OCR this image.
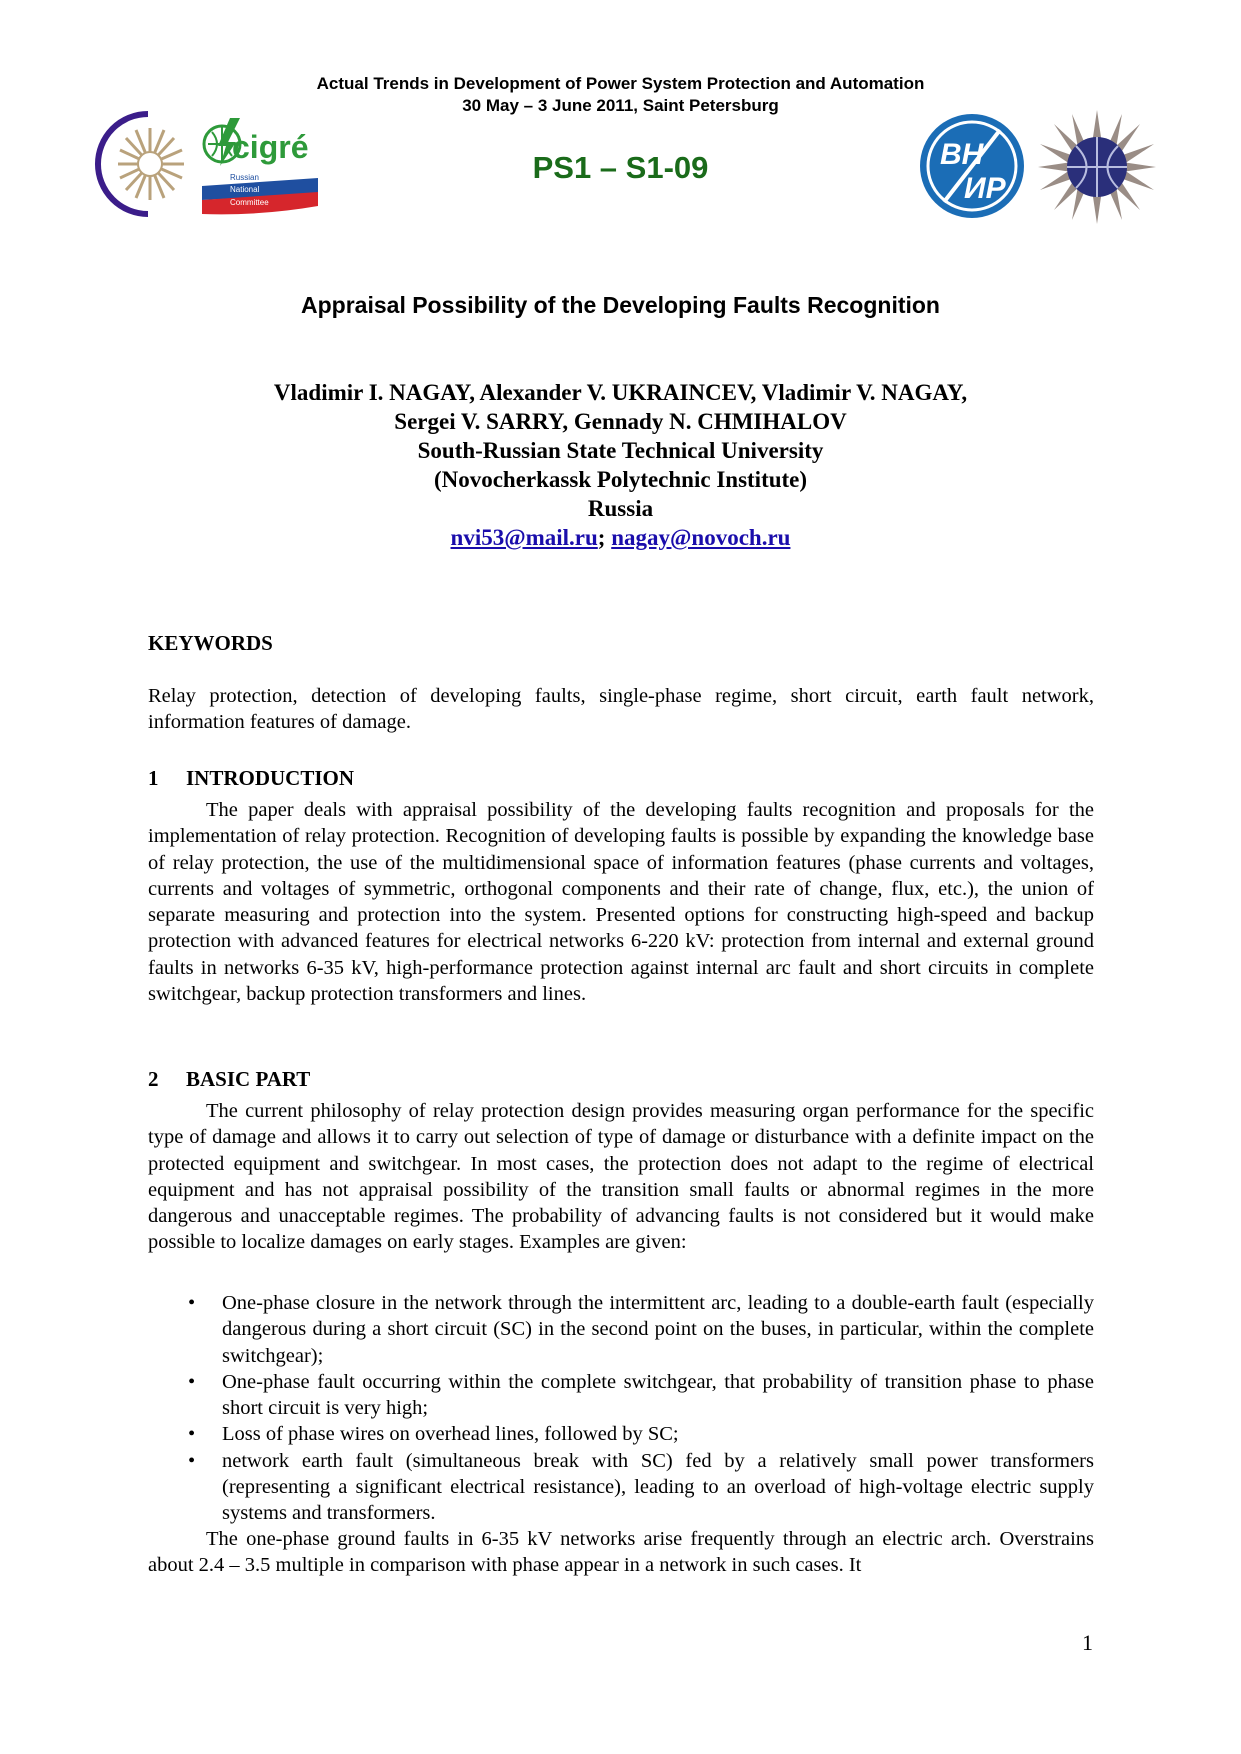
Actual Trends in Development of Power System Protection and Automation
30 May – 3 June 2011, Saint Petersburg
cigré
Russian
National
Committee
PS1 – S1-09	ВН
ИР
Appraisal Possibility of the Developing Faults Recognition
Vladimir I. NAGAY, Alexander V. UKRAINCEV, Vladimir V. NAGAY,
Sergei V. SARRY, Gennady N. CHMIHALOV
South-Russian State Technical University
(Novocherkassk Polytechnic Institute)
Russia
nvi53@mail.ru; nagay@novoch.ru
KEYWORDS
Relay protection, detection of developing faults, single-phase regime, short circuit, earth fault network, information features of damage.
1 INTRODUCTION
The paper deals with appraisal possibility of the developing faults recognition and proposals for the implementation of relay protection. Recognition of developing faults is possible by expanding the knowledge base of relay protection, the use of the multidimensional space of information features (phase currents and voltages, currents and voltages of symmetric, orthogonal components and their rate of change, flux, etc.), the union of separate measuring and protection into the system. Presented options for constructing high-speed and backup protection with advanced features for electrical networks 6-220 kV: protection from internal and external ground faults in networks 6-35 kV, high-performance protection against internal arc fault and short circuits in complete switchgear, backup protection transformers and lines.
2 BASIC PART
The current philosophy of relay protection design provides measuring organ performance for the specific type of damage and allows it to carry out selection of type of damage or disturbance with a definite impact on the protected equipment and switchgear. In most cases, the protection does not adapt to the regime of electrical equipment and has not appraisal possibility of the transition small faults or abnormal regimes in the more dangerous and unacceptable regimes. The probability of advancing faults is not considered but it would make possible to localize damages on early stages. Examples are given:
• One-phase closure in the network through the intermittent arc, leading to a double-earth fault (especially dangerous during a short circuit (SC) in the second point on the buses, in particular, within the complete switchgear);
• One-phase fault occurring within the complete switchgear, that probability of transition phase to phase short circuit is very high;
• Loss of phase wires on overhead lines, followed by SC;
• network earth fault (simultaneous break with SC) fed by a relatively small power transformers (representing a significant electrical resistance), leading to an overload of high-voltage electric supply systems and transformers.
The one-phase ground faults in 6-35 kV networks arise frequently through an electric arch. Overstrains about 2.4 – 3.5 multiple in comparison with phase appear in a network in such cases. It
1
